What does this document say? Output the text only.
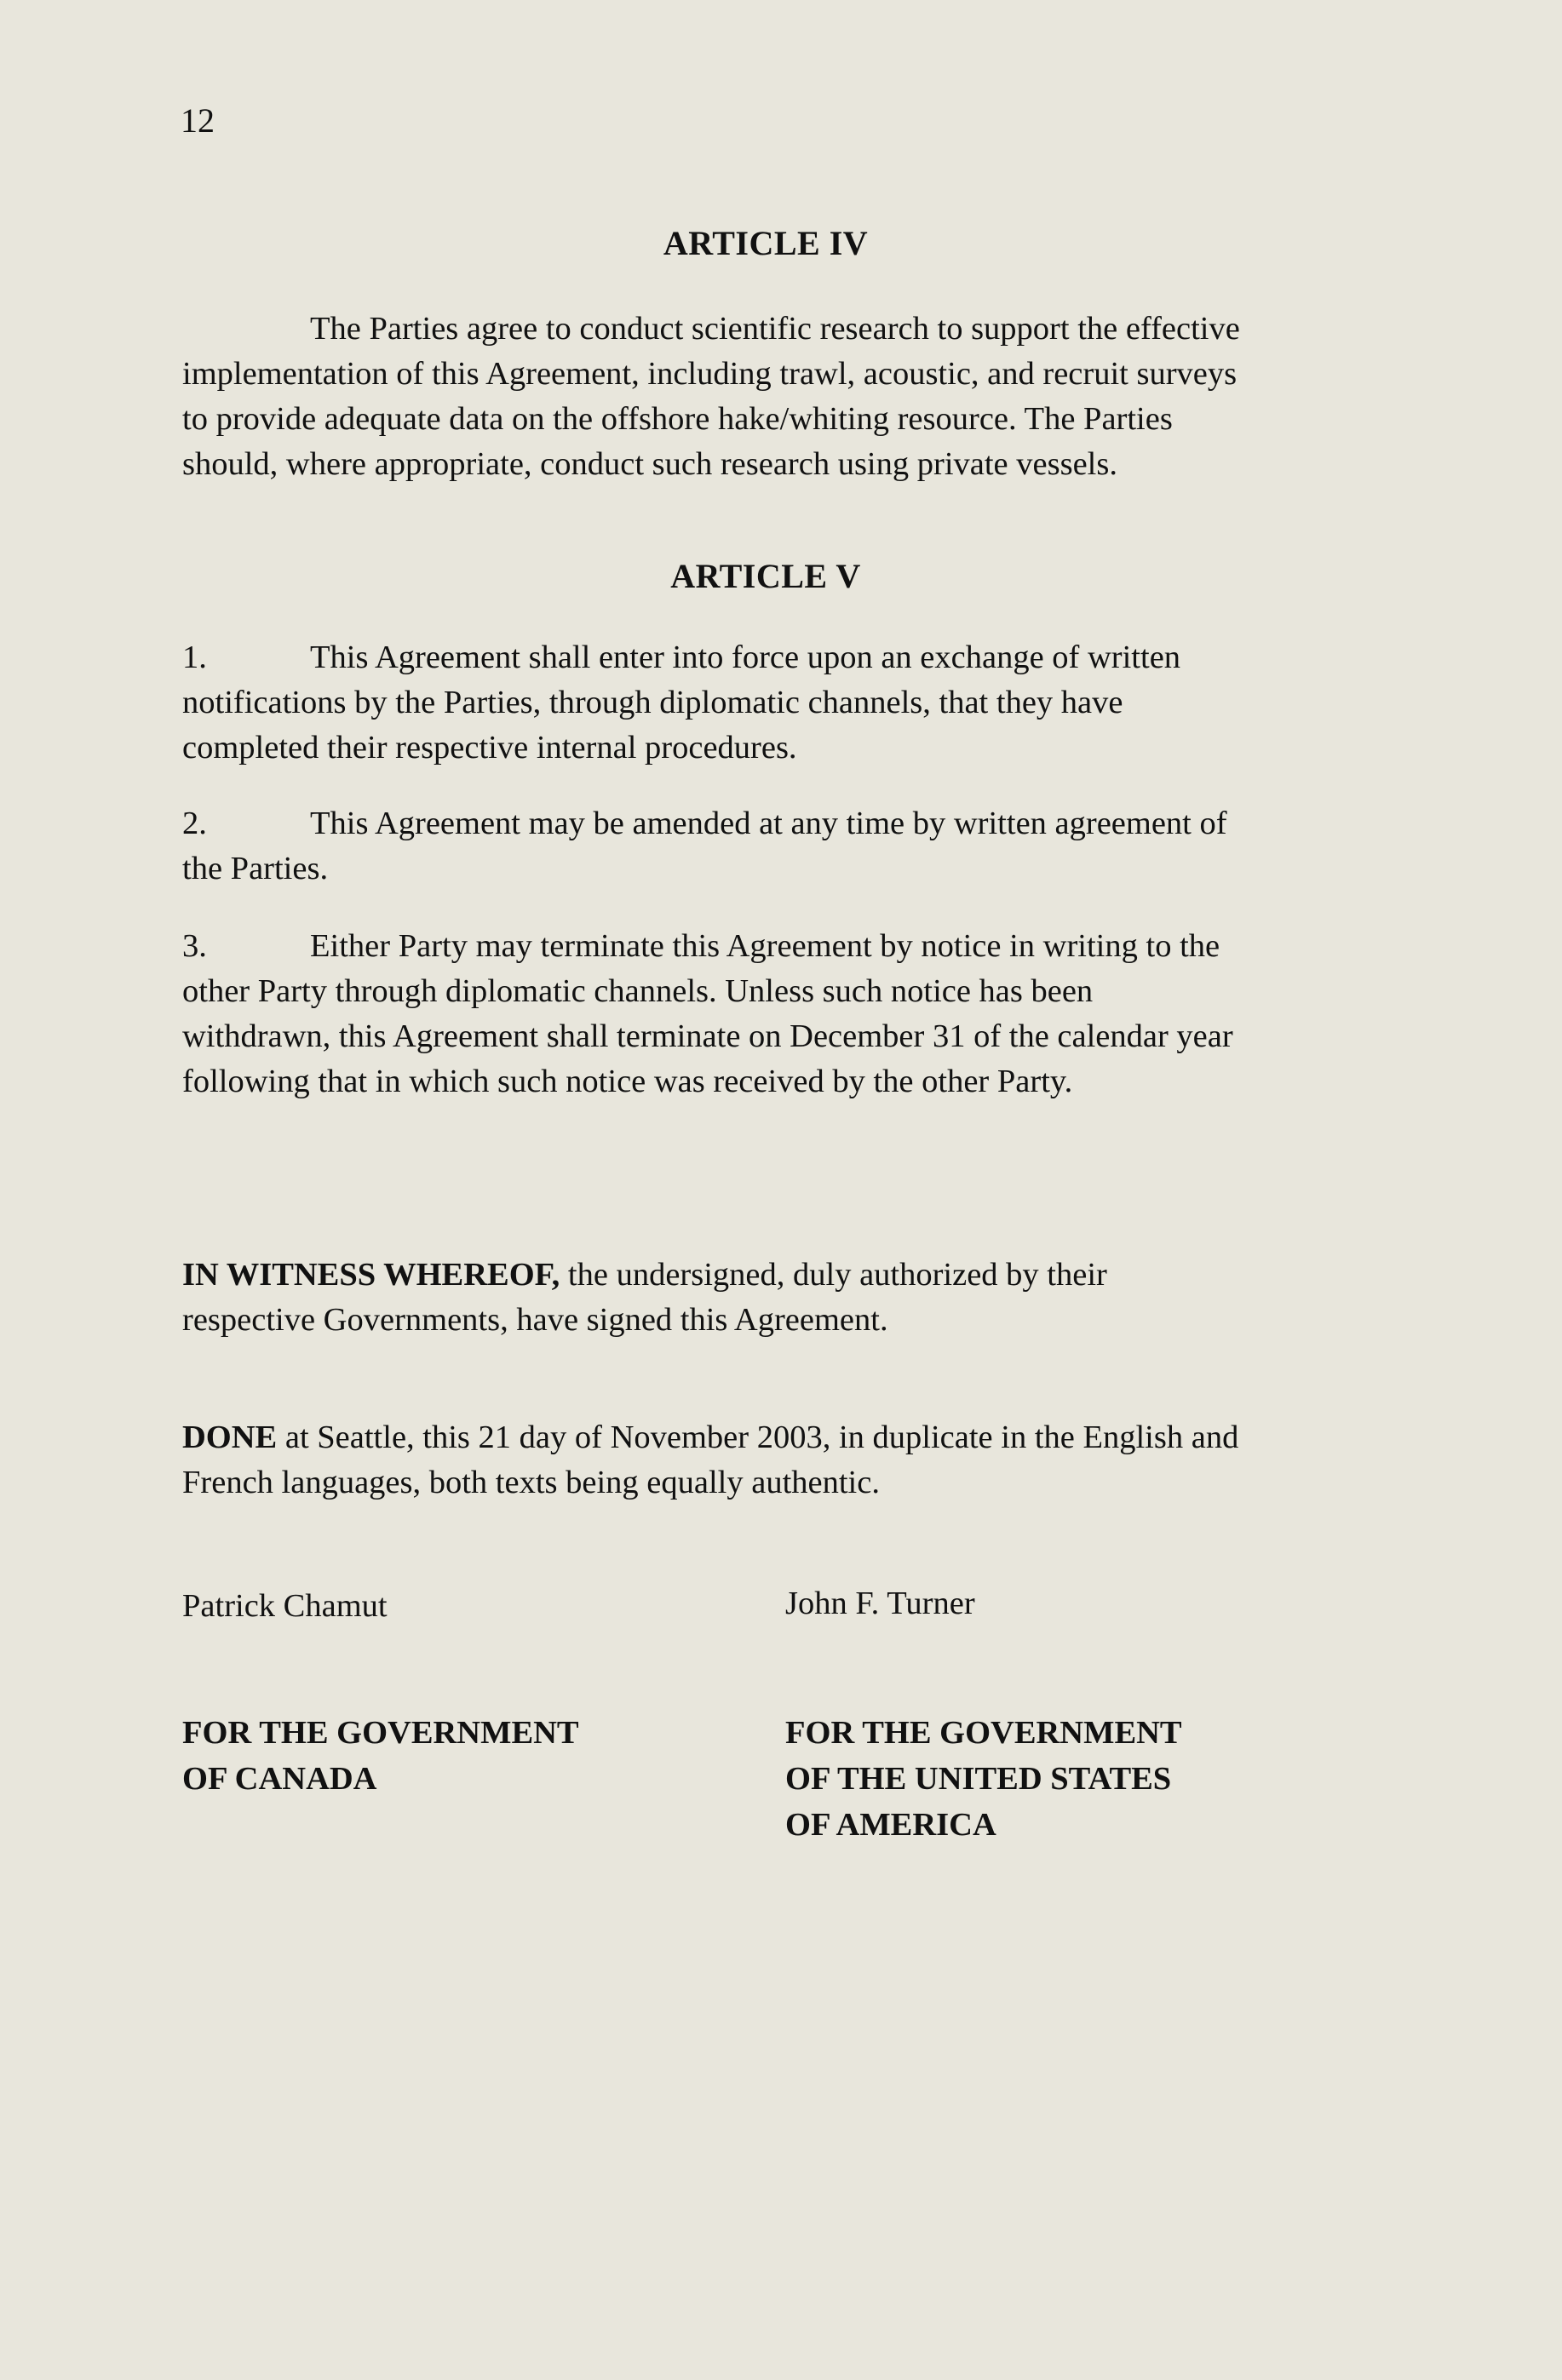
12
ARTICLE IV
The Parties agree to conduct scientific research to support the effective
implementation of this Agreement, including trawl, acoustic, and recruit surveys
to provide adequate data on the offshore hake/whiting resource. The Parties
should, where appropriate, conduct such research using private vessels.
ARTICLE V
1.	This Agreement shall enter into force upon an exchange of written
notifications by the Parties, through diplomatic channels, that they have
completed their respective internal procedures.
2.	This Agreement may be amended at any time by written agreement of
the Parties.
3.	Either Party may terminate this Agreement by notice in writing to the
other Party through diplomatic channels. Unless such notice has been
withdrawn, this Agreement shall terminate on December 31 of the calendar year
following that in which such notice was received by the other Party.
IN WITNESS WHEREOF, the undersigned, duly authorized by their
respective Governments, have signed this Agreement.
DONE at Seattle, this 21 day of November 2003, in duplicate in the English and
French languages, both texts being equally authentic.
Patrick Chamut	John F. Turner
FOR THE GOVERNMENT
OF CANADA
FOR THE GOVERNMENT
OF THE UNITED STATES
OF AMERICA
